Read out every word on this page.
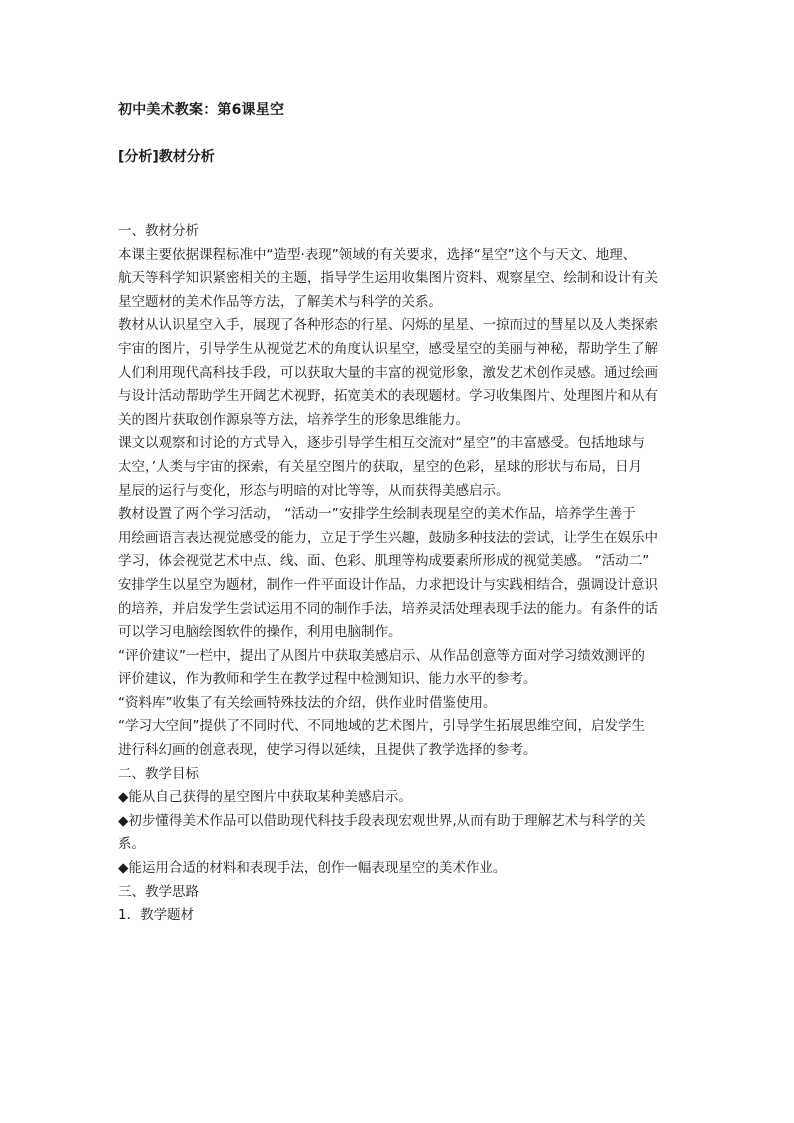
初中美术教案：第6课星空

[分析]教材分析

一、教材分析

本课主要依据课程标准中“造型·表现”领域的有关要求，选择“星空”这个与天文、地理、

航天等科学知识紧密相关的主题，指导学生运用收集图片资料、观察星空、绘制和设计有关

星空题材的美术作品等方法，了解美术与科学的关系。

教材从认识星空入手，展现了各种形态的行星、闪烁的星星、一掠而过的彗星以及人类探索

宇宙的图片，引导学生从视觉艺术的角度认识星空，感受星空的美丽与神秘，帮助学生了解

人们利用现代高科技手段，可以获取大量的丰富的视觉形象，激发艺术创作灵感。通过绘画

与设计活动帮助学生开阔艺术视野，拓宽美术的表现题材。学习收集图片、处理图片和从有

关的图片获取创作源泉等方法，培养学生的形象思维能力。

课文以观察和讨论的方式导入，逐步引导学生相互交流对“星空”的丰富感受。包括地球与

太空，’人类与宇宙的探索，有关星空图片的获取，星空的色彩，星球的形状与布局，日月

星辰的运行与变化，形态与明暗的对比等等，从而获得美感启示。

教材设置了两个学习活动， “活动一”安排学生绘制表现星空的美术作品，培养学生善于

用绘画语言表达视觉感受的能力，立足于学生兴趣，鼓励多种技法的尝试，让学生在娱乐中

学习，体会视觉艺术中点、线、面、色彩、肌理等构成要素所形成的视觉美感。 “活动二”

安排学生以星空为题材，制作一件平面设计作品，力求把设计与实践相结合，强调设计意识

的培养，并启发学生尝试运用不同的制作手法，培养灵活处理表现手法的能力。有条件的话

可以学习电脑绘图软件的操作，利用电脑制作。

“评价建议”一栏中，提出了从图片中获取美感启示、从作品创意等方面对学习绩效测评的

评价建议，作为教师和学生在教学过程中检测知识、能力水平的参考。

“资料库”收集了有关绘画特殊技法的介绍，供作业时借鉴使用。

“学习大空间”提供了不同时代、不同地域的艺术图片，引导学生拓展思维空间，启发学生

进行科幻画的创意表现，使学习得以延续，且提供了教学选择的参考。

二、教学目标

◆能从自己获得的星空图片中获取某种美感启示。

◆初步懂得美术作品可以借助现代科技手段表现宏观世界,从而有助于理解艺术与科学的关

系。

◆能运用合适的材料和表现手法，创作一幅表现星空的美术作业。

三、教学思路

1．教学题材
